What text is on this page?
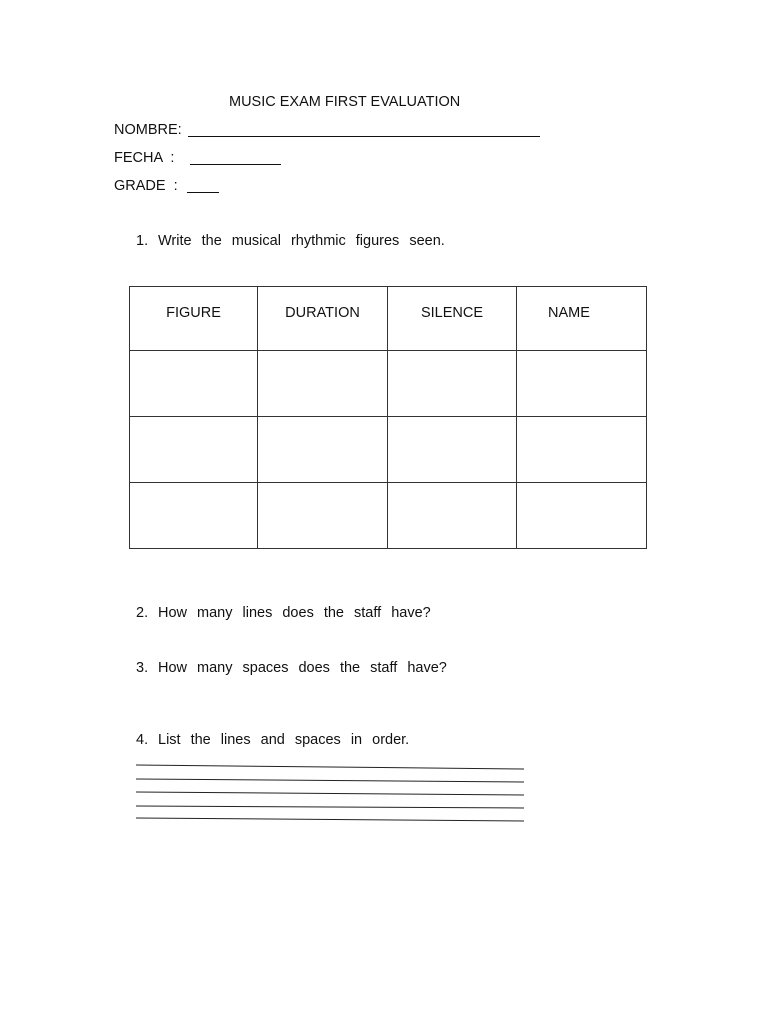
MUSIC EXAM FIRST EVALUATION
NOMBRE:
FECHA  :
GRADE  :
1. Write the musical rhythmic figures seen.
FIGURE	DURATION	SILENCE	NAME

2. How many lines does the staff have?
3. How many spaces does the staff have?
4. List the lines and spaces in order.
